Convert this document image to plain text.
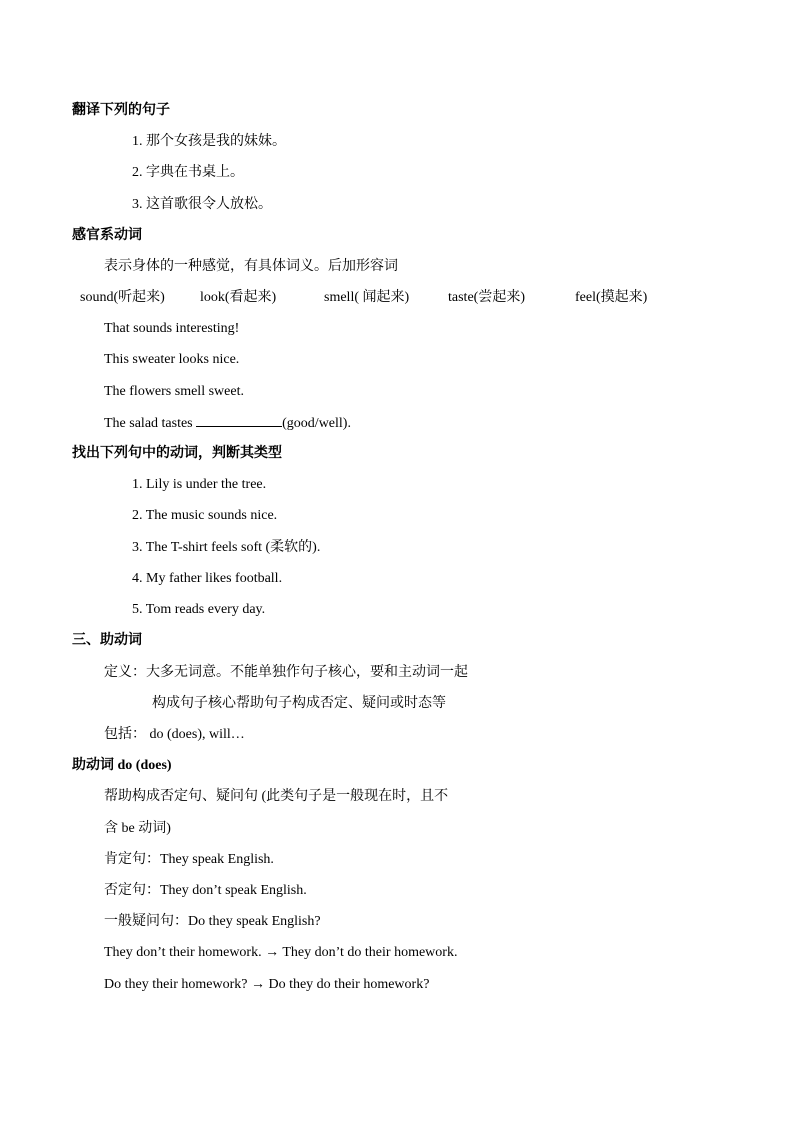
翻译下列的句子
1. 那个女孩是我的妹妹。
2. 字典在书桌上。
3. 这首歌很令人放松。
感官系动词
表示身体的一种感觉，有具体词义。后加形容词
sound(听起来)	look(看起来)	smell( 闻起来)	taste(尝起来)	feel(摸起来)
That sounds interesting!
This sweater looks nice.
The flowers smell sweet.
The salad tastes	(good/well).
找出下列句中的动词，判断其类型
1. Lily is under the tree.
2. The music sounds nice.
3. The T-shirt feels soft (柔软的).
4. My father likes football.
5. Tom reads every day.
三、助动词
定义：大多无词意。不能单独作句子核心，要和主动词一起
构成句子核心帮助句子构成否定、疑问或时态等
包括： do (does), will…
助动词 do (does)
帮助构成否定句、疑问句 (此类句子是一般现在时，且不
含 be 动词)
肯定句：They speak English.
否定句：They don’t speak English.
一般疑问句：Do they speak English?
They don’t their homework. → They don’t do their homework.
Do they their homework? → Do they do their homework?
